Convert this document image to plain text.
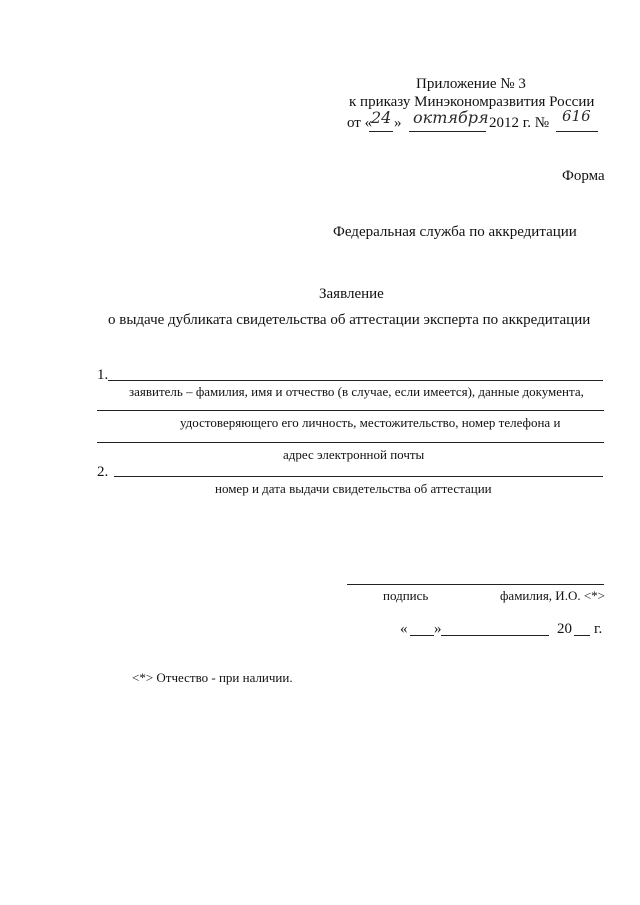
Приложение № 3
к приказу Минэкономразвития России
от «
24 » октября 2012 г. № 616
Форма
Федеральная служба по аккредитации
Заявление
о выдаче дубликата свидетельства об аттестации эксперта по аккредитации
1.
заявитель – фамилия, имя и отчество (в случае, если имеется), данные документа,
удостоверяющего его личность, местожительство, номер телефона и
адрес электронной почты
2.
номер и дата выдачи свидетельства об аттестации
подпись	фамилия, И.О. <*>
« »	20 г.
<*> Отчество - при наличии.
